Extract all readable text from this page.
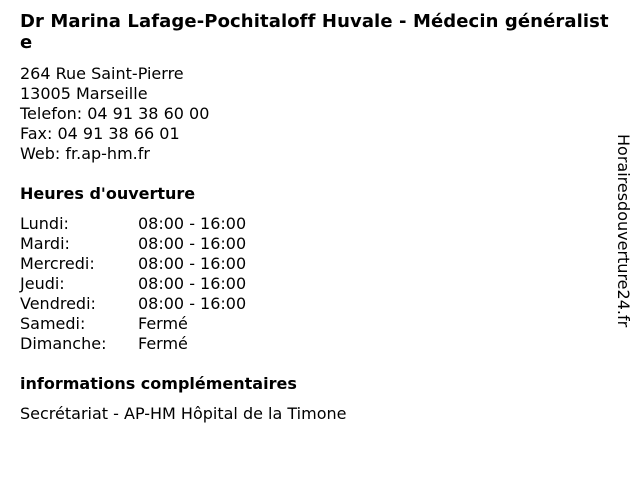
Dr Marina Lafage-Pochitaloff Huvale - Médecin généraliste
264 Rue Saint-Pierre
13005 Marseille
Telefon: 04 91 38 60 00
Fax: 04 91 38 66 01
Web: fr.ap-hm.fr
Heures d'ouverture
Lundi:	08:00 - 16:00
Mardi:	08:00 - 16:00
Mercredi:	08:00 - 16:00
Jeudi:	08:00 - 16:00
Vendredi:	08:00 - 16:00
Samedi:	Fermé
Dimanche:	Fermé
informations complémentaires
Secrétariat - AP-HM Hôpital de la Timone
Horairesdouverture24.fr
